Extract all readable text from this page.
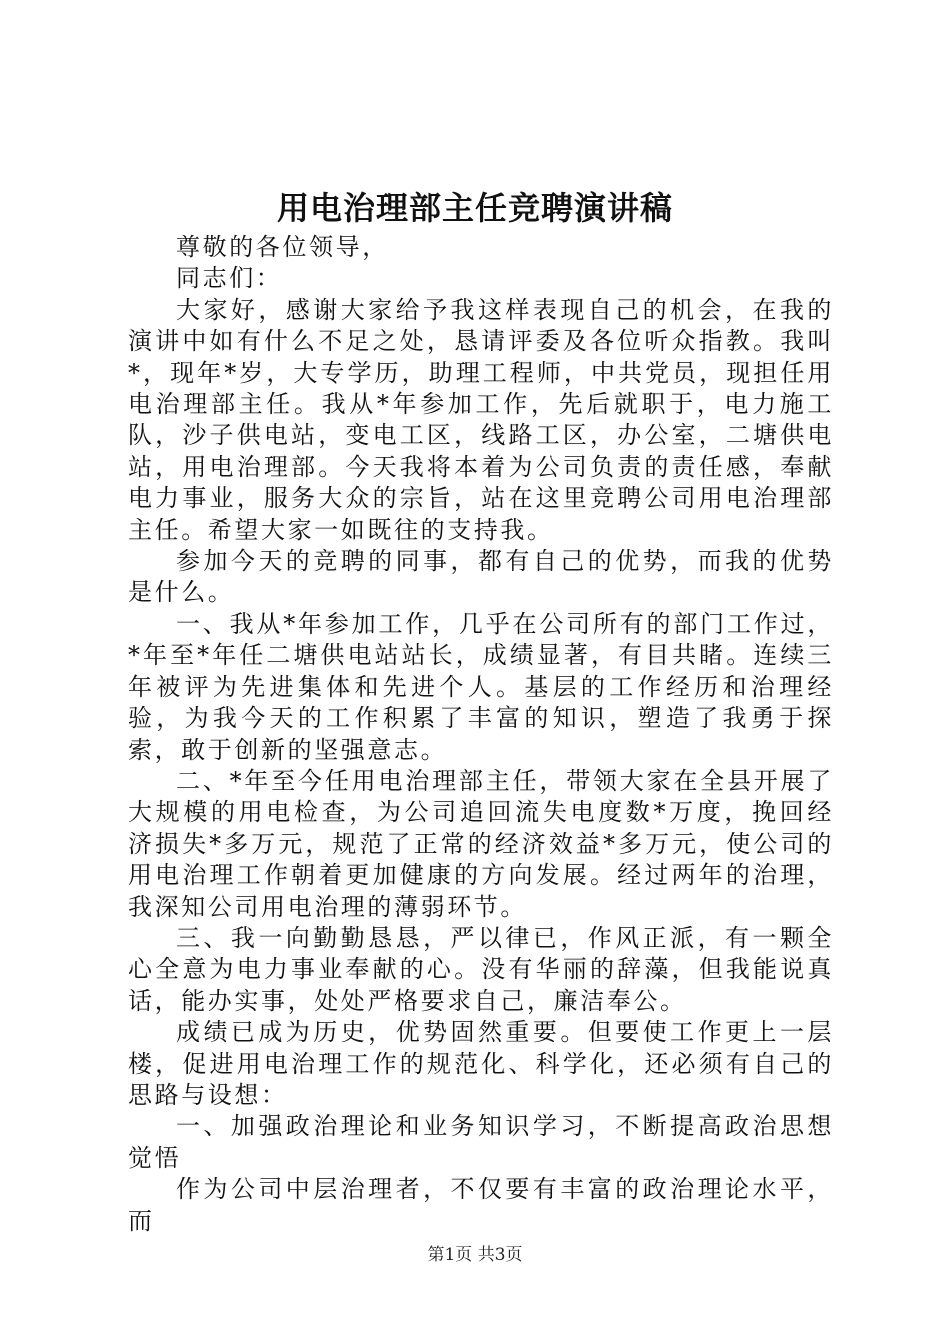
用电治理部主任竞聘演讲稿

尊敬的各位领导，

同志们：

大家好，感谢大家给予我这样表现自己的机会，在我的演讲中如有什么不足之处，恳请评委及各位听众指教。我叫*，现年*岁，大专学历，助理工程师，中共党员，现担任用电治理部主任。我从*年参加工作，先后就职于，电力施工队，沙子供电站，变电工区，线路工区，办公室，二塘供电站，用电治理部。今天我将本着为公司负责的责任感，奉献电力事业，服务大众的宗旨，站在这里竞聘公司用电治理部主任。希望大家一如既往的支持我。

参加今天的竞聘的同事，都有自己的优势，而我的优势是什么。

一、我从*年参加工作，几乎在公司所有的部门工作过，*年至*年任二塘供电站站长，成绩显著，有目共睹。连续三年被评为先进集体和先进个人。基层的工作经历和治理经验，为我今天的工作积累了丰富的知识，塑造了我勇于探索，敢于创新的坚强意志。

二、*年至今任用电治理部主任，带领大家在全县开展了大规模的用电检查，为公司追回流失电度数*万度，挽回经济损失*多万元，规范了正常的经济效益*多万元，使公司的用电治理工作朝着更加健康的方向发展。经过两年的治理，我深知公司用电治理的薄弱环节。

三、我一向勤勤恳恳，严以律已，作风正派，有一颗全心全意为电力事业奉献的心。没有华丽的辞藻，但我能说真话，能办实事，处处严格要求自己，廉洁奉公。

成绩已成为历史，优势固然重要。但要使工作更上一层楼，促进用电治理工作的规范化、科学化，还必须有自己的思路与设想：

一、加强政治理论和业务知识学习，不断提高政治思想觉悟

作为公司中层治理者，不仅要有丰富的政治理论水平，而

第1页 共3页
